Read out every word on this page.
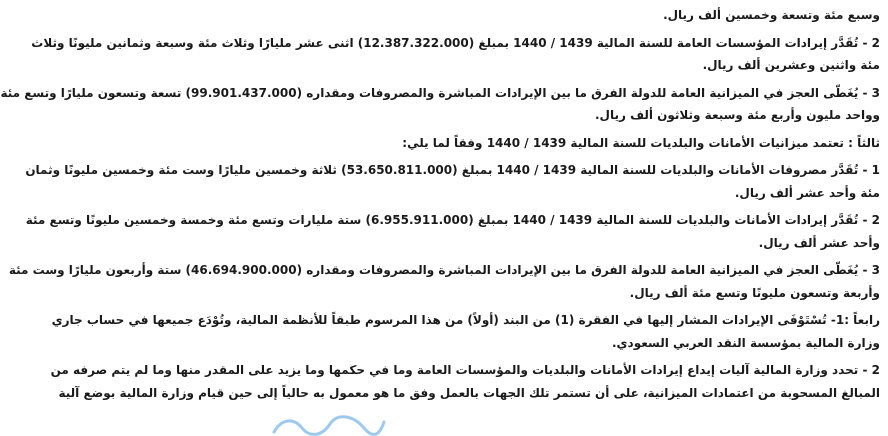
وسبع مئة وتسعة وخمسين ألف ريال.
2 - تُقَدَّر إيرادات المؤسسات العامة للسنة المالية 1439 / 1440 بمبلغ (12.387.322.000) اثنى عشر مليارًا وثلاث مئة وسبعة وثمانين مليونًا وثلاث
مئة واثنين وعشرين ألف ريال.
3 - يُغَطّى العجز في الميزانية العامة للدولة الفرق ما بين الإيرادات المباشرة والمصروفات ومقداره (99.901.437.000) تسعة وتسعون مليارًا وتسع مئة
وواحد مليون وأربع مئة وسبعة وثلاثون ألف ريال.
ثالثاً : تعتمد ميزانيات الأمانات والبلديات للسنة المالية 1439 / 1440 وفقاً لما يلي:
1 - تُقَدَّر مصروفات الأمانات والبلديات للسنة المالية 1439 / 1440 بمبلغ (53.650.811.000) ثلاثة وخمسين مليارًا وست مئة وخمسين مليونًا وثمان
مئة وأحد عشر ألف ريال.
2 - تُقَدَّر إيرادات الأمانات والبلديات للسنة المالية 1439 / 1440 بمبلغ (6.955.911.000) ستة مليارات وتسع مئة وخمسة وخمسين مليونًا وتسع مئة
وأحد عشر ألف ريال.
3 - يُغَطّى العجز في الميزانية العامة للدولة الفرق ما بين الإيرادات المباشرة والمصروفات ومقداره (46.694.900.000) ستة وأربعون مليارًا وست مئة
وأربعة وتسعون مليونًا وتسع مئة ألف ريال.
رابعاً :1- تُسْتَوْفَى الإيرادات المشار إليها في الفقرة (1) من البند (أولاً) من هذا المرسوم طبقاً للأنظمة المالية، وتُوْدَع جميعها في حساب جاري
وزارة المالية بمؤسسة النقد العربي السعودي.
2 - تحدد وزارة المالية آليات إيداع إيرادات الأمانات والبلديات والمؤسسات العامة وما في حكمها وما يزيد على المقدر منها وما لم يتم صرفه من
المبالغ المسحوبة من اعتمادات الميزانية، على أن تستمر تلك الجهات بالعمل وفق ما هو معمول به حالياً إلى حين قيام وزارة المالية بوضع آلية
